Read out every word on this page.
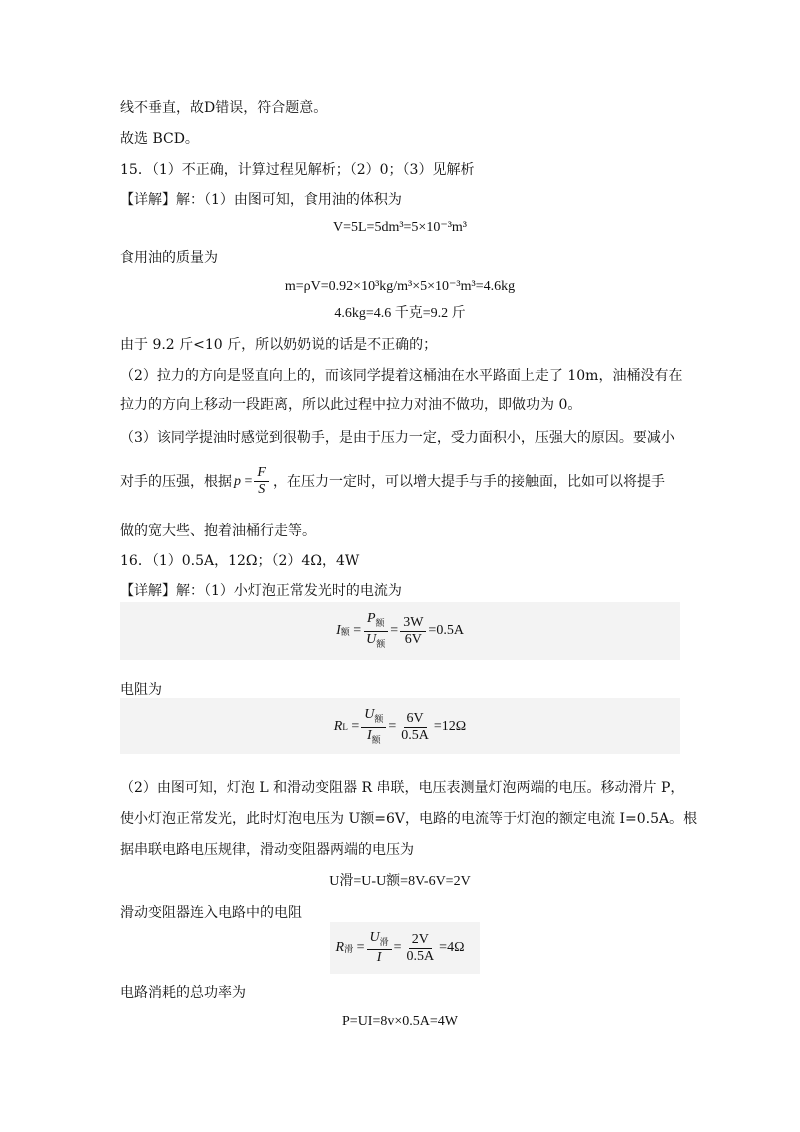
线不垂直，故D错误，符合题意。
故选 BCD。
15．（1）不正确，计算过程见解析；（2）0；（3）见解析
【详解】解：（1）由图可知，食用油的体积为
V=5L=5dm³=5×10⁻³m³
食用油的质量为
m=ρV=0.92×10³kg/m³×5×10⁻³m³=4.6kg
4.6kg=4.6 千克=9.2 斤
由于 9.2 斤<10 斤，所以奶奶说的话是不正确的；
（2）拉力的方向是竖直向上的，而该同学提着这桶油在水平路面上走了 10m，油桶没有在
拉力的方向上移动一段距离，所以此过程中拉力对油不做功，即做功为 0。
（3）该同学提油时感觉到很勒手，是由于压力一定，受力面积小，压强大的原因。要减小
对手的压强，根据 $p = \frac{F}{S}$ ，在压力一定时，可以增大提手与手的接触面，比如可以将提手
做的宽大些、抱着油桶行走等。
16．（1）0.5A，12Ω；（2）4Ω，4W
【详解】解：（1）小灯泡正常发光时的电流为
I 额 = $\frac{P_额}{U_额} = \frac{3W}{6V} =0.5A$
电阻为
R $L = \frac{U_额}{I_额} = \frac{6V}{0.5A} =12\Omega$
（2）由图可知，灯泡 L 和滑动变阻器 R 串联，电压表测量灯泡两端的电压。移动滑片 P，
使小灯泡正常发光，此时灯泡电压为 U额=6V，电路的电流等于灯泡的额定电流 I=0.5A。根
据串联电路电压规律，滑动变阻器两端的电压为
U滑=U-U额=8V-6V=2V
滑动变阻器连入电路中的电阻
R 滑 = $\frac{U_滑}{I} = \frac{2V}{0.5A} =4\Omega$
电路消耗的总功率为
P=UI=8v×0.5A=4W
